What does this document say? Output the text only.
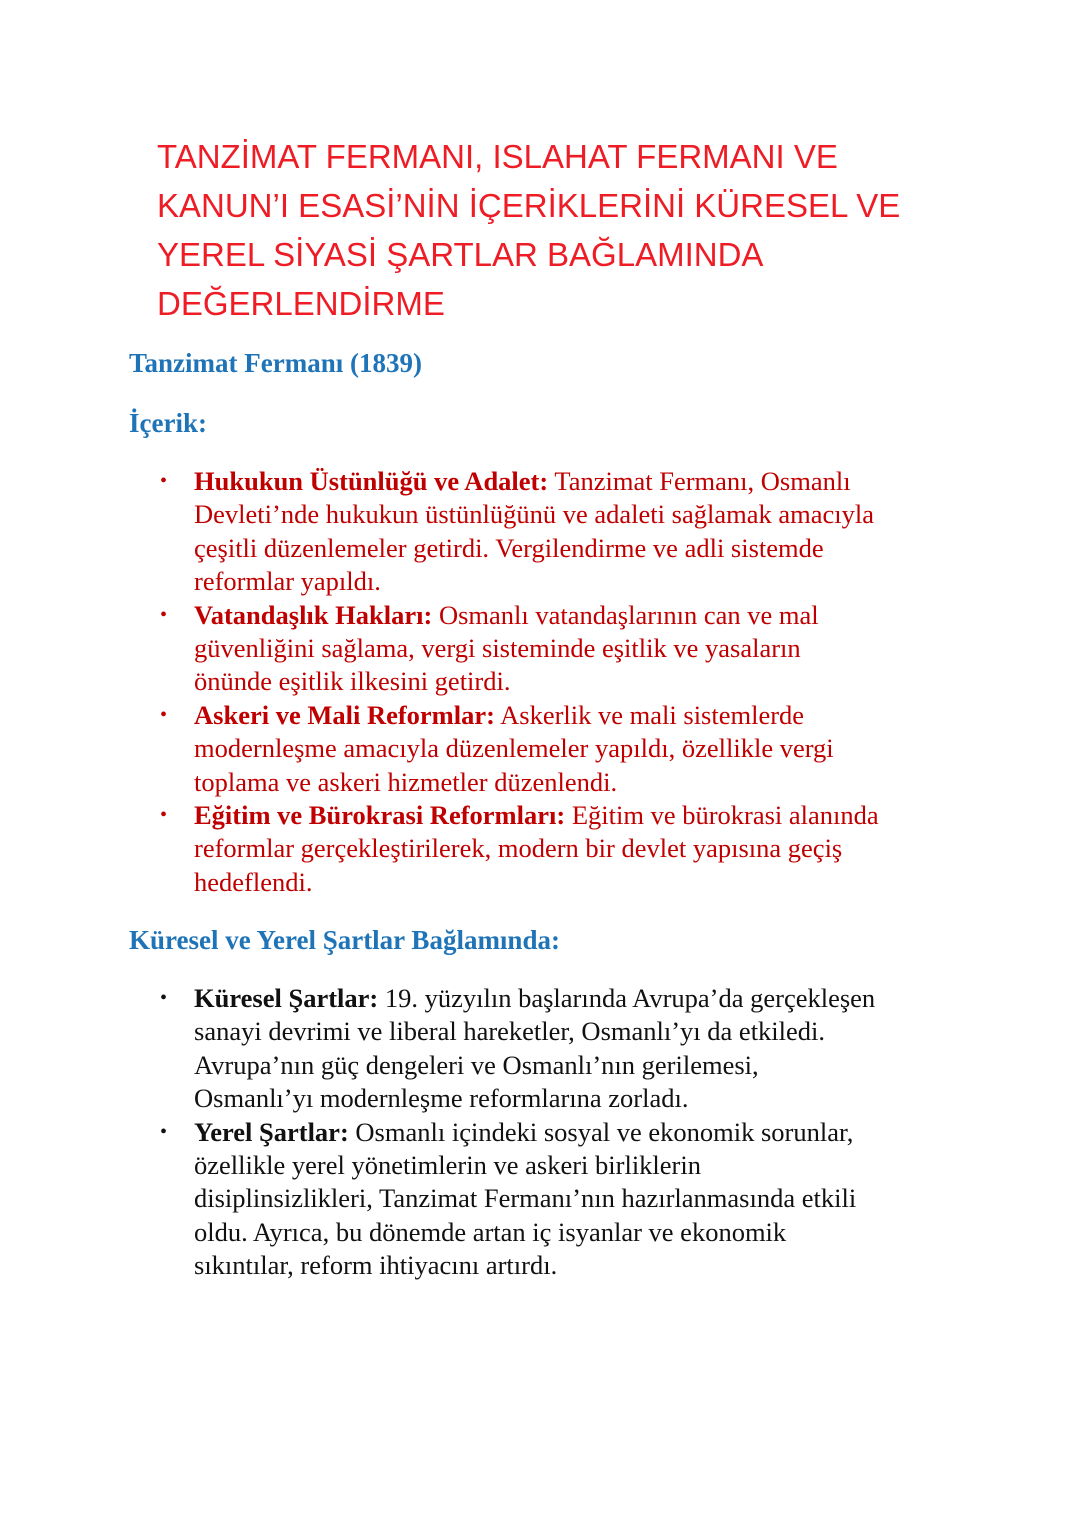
TANZİMAT FERMANI, ISLAHAT FERMANI VE
KANUN’I ESASİ’NİN İÇERİKLERİNİ KÜRESEL VE
YEREL SİYASİ ŞARTLAR BAĞLAMINDA
DEĞERLENDİRME
Tanzimat Fermanı (1839)
İçerik:
• Hukukun Üstünlüğü ve Adalet: Tanzimat Fermanı, Osmanlı
Devleti’nde hukukun üstünlüğünü ve adaleti sağlamak amacıyla
çeşitli düzenlemeler getirdi. Vergilendirme ve adli sistemde
reformlar yapıldı.
• Vatandaşlık Hakları: Osmanlı vatandaşlarının can ve mal
güvenliğini sağlama, vergi sisteminde eşitlik ve yasaların
önünde eşitlik ilkesini getirdi.
• Askeri ve Mali Reformlar: Askerlik ve mali sistemlerde
modernleşme amacıyla düzenlemeler yapıldı, özellikle vergi
toplama ve askeri hizmetler düzenlendi.
• Eğitim ve Bürokrasi Reformları: Eğitim ve bürokrasi alanında
reformlar gerçekleştirilerek, modern bir devlet yapısına geçiş
hedeflendi.
Küresel ve Yerel Şartlar Bağlamında:
• Küresel Şartlar: 19. yüzyılın başlarında Avrupa’da gerçekleşen
sanayi devrimi ve liberal hareketler, Osmanlı’yı da etkiledi.
Avrupa’nın güç dengeleri ve Osmanlı’nın gerilemesi,
Osmanlı’yı modernleşme reformlarına zorladı.
• Yerel Şartlar: Osmanlı içindeki sosyal ve ekonomik sorunlar,
özellikle yerel yönetimlerin ve askeri birliklerin
disiplinsizlikleri, Tanzimat Fermanı’nın hazırlanmasında etkili
oldu. Ayrıca, bu dönemde artan iç isyanlar ve ekonomik
sıkıntılar, reform ihtiyacını artırdı.
